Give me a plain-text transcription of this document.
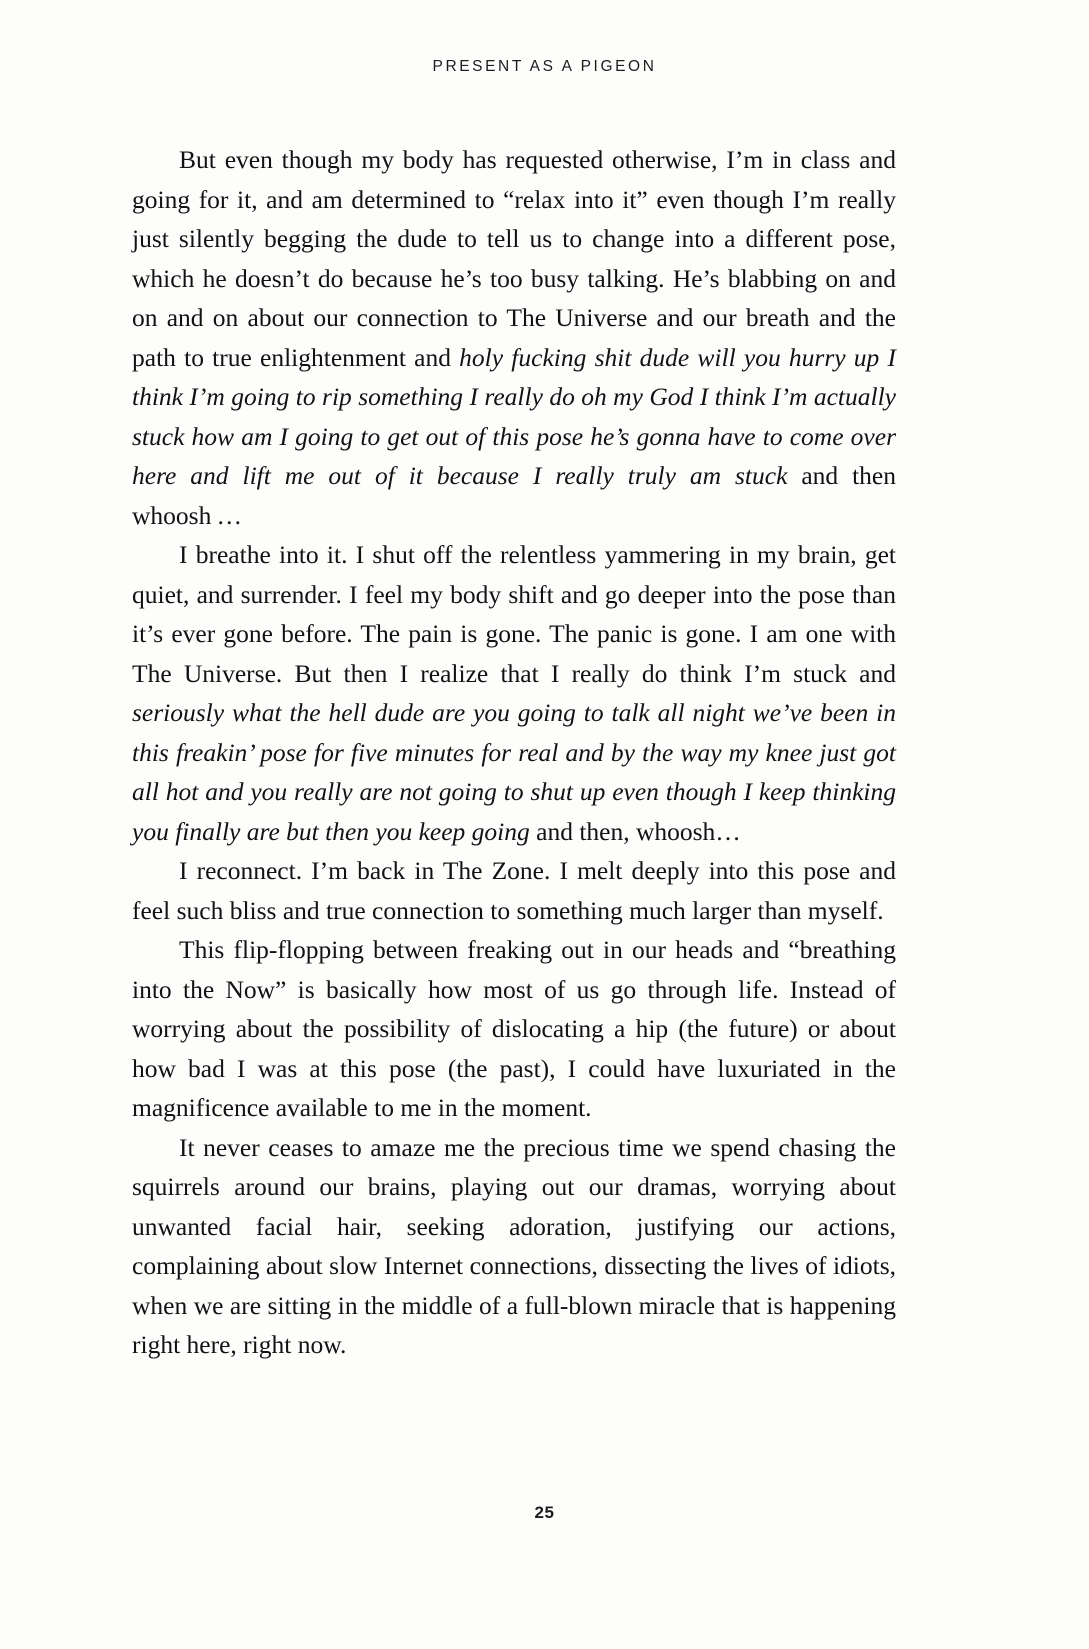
PRESENT AS A PIGEON

But even though my body has requested otherwise, I’m in class and going for it, and am determined to “relax into it” even though I’m really just silently begging the dude to tell us to change into a different pose, which he doesn’t do because he’s too busy talking. He’s blabbing on and on and on about our connection to The Universe and our breath and the path to true enlightenment and holy fucking shit dude will you hurry up I think I’m going to rip something I really do oh my God I think I’m actually stuck how am I going to get out of this pose he’s gonna have to come over here and lift me out of it because I really truly am stuck and then whoosh …

I breathe into it. I shut off the relentless yammering in my brain, get quiet, and surrender. I feel my body shift and go deeper into the pose than it’s ever gone before. The pain is gone. The panic is gone. I am one with The Universe. But then I realize that I really do think I’m stuck and seriously what the hell dude are you going to talk all night we’ve been in this freakin’ pose for five minutes for real and by the way my knee just got all hot and you really are not going to shut up even though I keep thinking you finally are but then you keep going and then, whoosh…

I reconnect. I’m back in The Zone. I melt deeply into this pose and feel such bliss and true connection to something much larger than myself.

This flip‑flopping between freaking out in our heads and “breathing into the Now” is basically how most of us go through life. Instead of worrying about the possibility of dislocating a hip (the future) or about how bad I was at this pose (the past), I could have luxuriated in the magnificence available to me in the moment.

It never ceases to amaze me the precious time we spend chasing the squirrels around our brains, playing out our dramas, worrying about unwanted facial hair, seeking adoration, justifying our actions, complaining about slow Internet connections, dissecting the lives of idiots, when we are sitting in the middle of a full‑blown miracle that is happening right here, right now.

25
